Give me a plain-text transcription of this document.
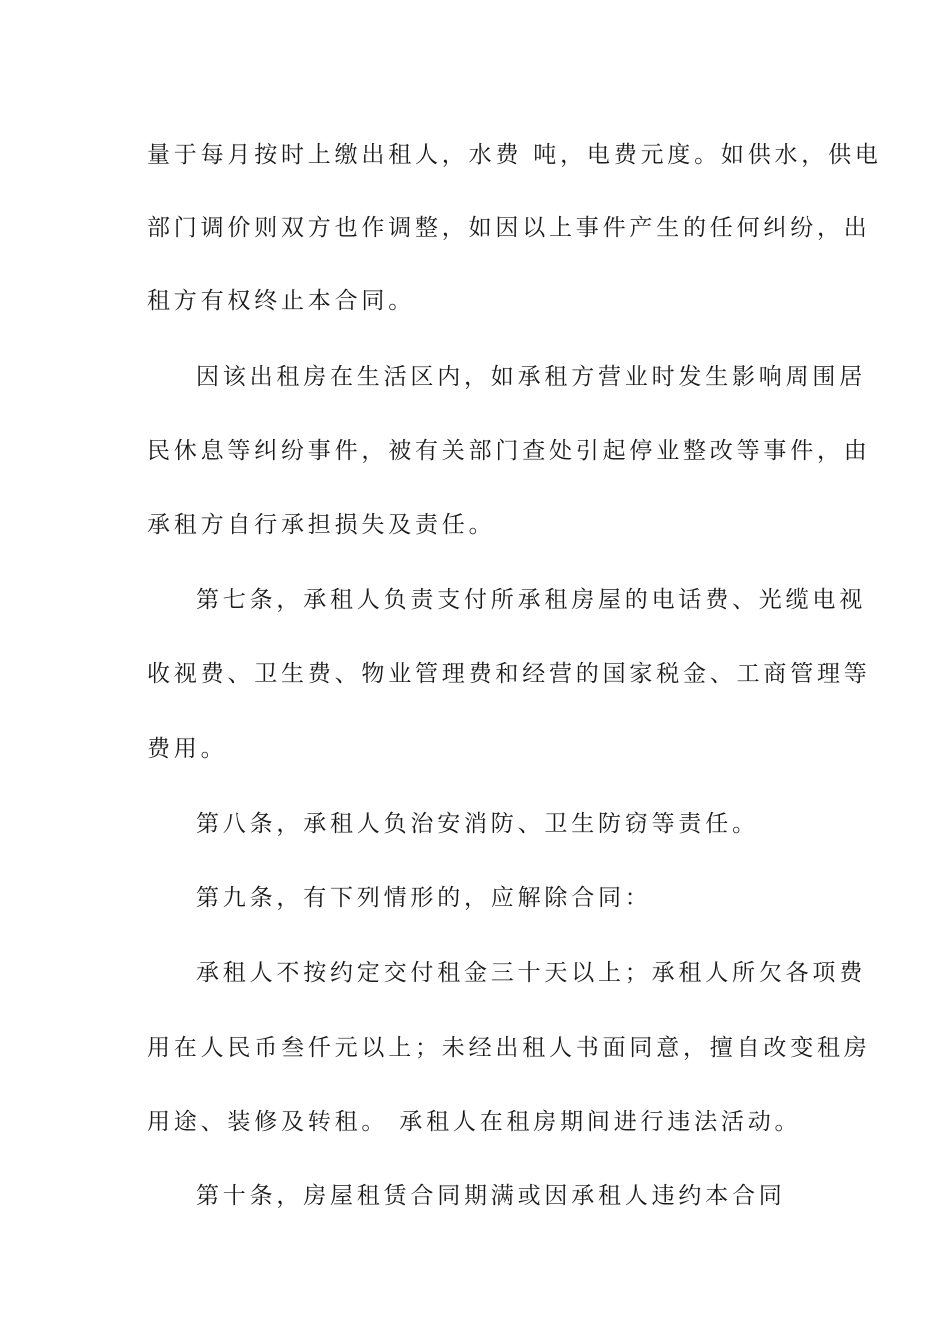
量于每月按时上缴出租人，水费 吨，电费元度。如供水，供电
部门调价则双方也作调整，如因以上事件产生的任何纠纷，出
租方有权终止本合同。
因该出租房在生活区内，如承租方营业时发生影响周围居
民休息等纠纷事件，被有关部门查处引起停业整改等事件，由
承租方自行承担损失及责任。
第七条，承租人负责支付所承租房屋的电话费、光缆电视
收视费、卫生费、物业管理费和经营的国家税金、工商管理等
费用。
第八条，承租人负治安消防、卫生防窃等责任。
第九条，有下列情形的，应解除合同：
承租人不按约定交付租金三十天以上；承租人所欠各项费
用在人民币叁仟元以上；未经出租人书面同意，擅自改变租房
用途、装修及转租。 承租人在租房期间进行违法活动。
第十条，房屋租赁合同期满或因承租人违约本合同
